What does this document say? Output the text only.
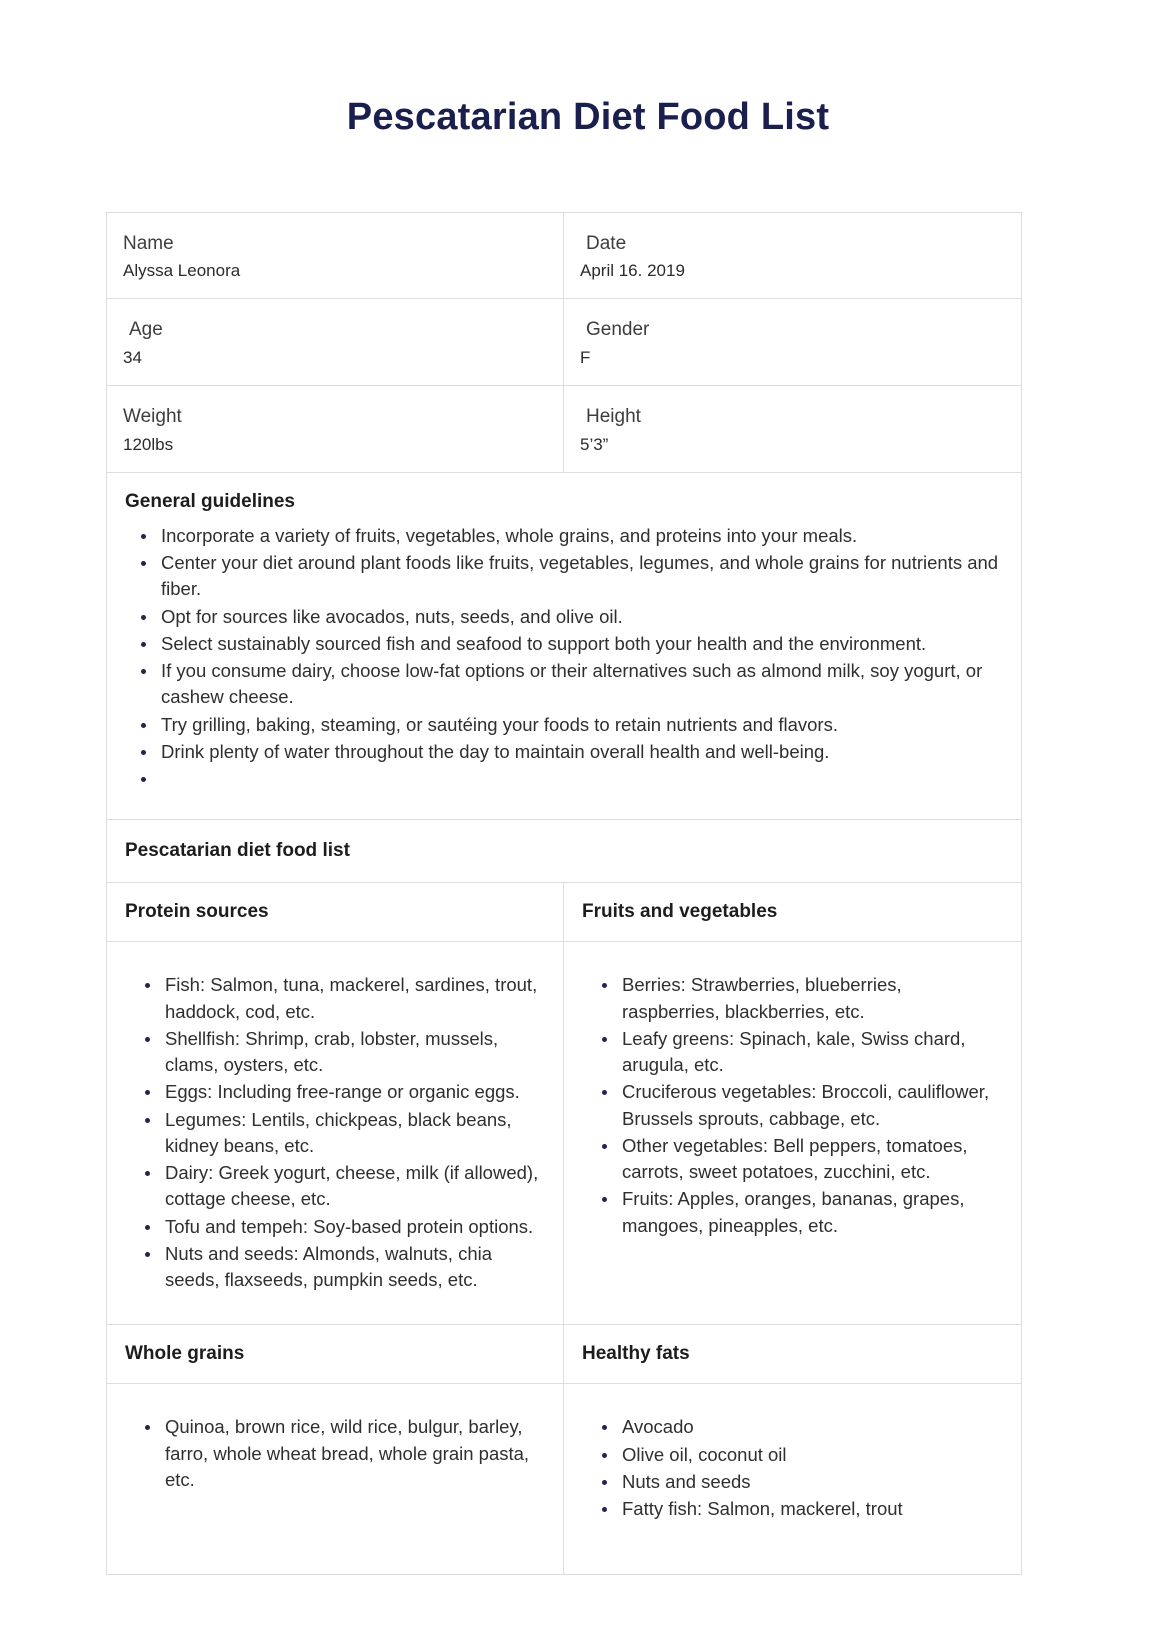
Pescatarian Diet Food List
Name
Alyssa Leonora
Date
April 16. 2019
Age
34
Gender
F
Weight
120lbs
Height
5’3”
General guidelines
Incorporate a variety of fruits, vegetables, whole grains, and proteins into your meals.
Center your diet around plant foods like fruits, vegetables, legumes, and whole grains for nutrients and fiber.
Opt for sources like avocados, nuts, seeds, and olive oil.
Select sustainably sourced fish and seafood to support both your health and the environment.
If you consume dairy, choose low-fat options or their alternatives such as almond milk, soy yogurt, or cashew cheese.
Try grilling, baking, steaming, or sautéing your foods to retain nutrients and flavors.
Drink plenty of water throughout the day to maintain overall health and well-being.
Pescatarian diet food list
Protein sources	Fruits and vegetables
Fish: Salmon, tuna, mackerel, sardines, trout, haddock, cod, etc.
Shellfish: Shrimp, crab, lobster, mussels, clams, oysters, etc.
Eggs: Including free-range or organic eggs.
Legumes: Lentils, chickpeas, black beans, kidney beans, etc.
Dairy: Greek yogurt, cheese, milk (if allowed), cottage cheese, etc.
Tofu and tempeh: Soy-based protein options.
Nuts and seeds: Almonds, walnuts, chia seeds, flaxseeds, pumpkin seeds, etc.
Berries: Strawberries, blueberries, raspberries, blackberries, etc.
Leafy greens: Spinach, kale, Swiss chard, arugula, etc.
Cruciferous vegetables: Broccoli, cauliflower, Brussels sprouts, cabbage, etc.
Other vegetables: Bell peppers, tomatoes, carrots, sweet potatoes, zucchini, etc.
Fruits: Apples, oranges, bananas, grapes, mangoes, pineapples, etc.
Whole grains	Healthy fats
Quinoa, brown rice, wild rice, bulgur, barley, farro, whole wheat bread, whole grain pasta, etc.
Avocado
Olive oil, coconut oil
Nuts and seeds
Fatty fish: Salmon, mackerel, trout
